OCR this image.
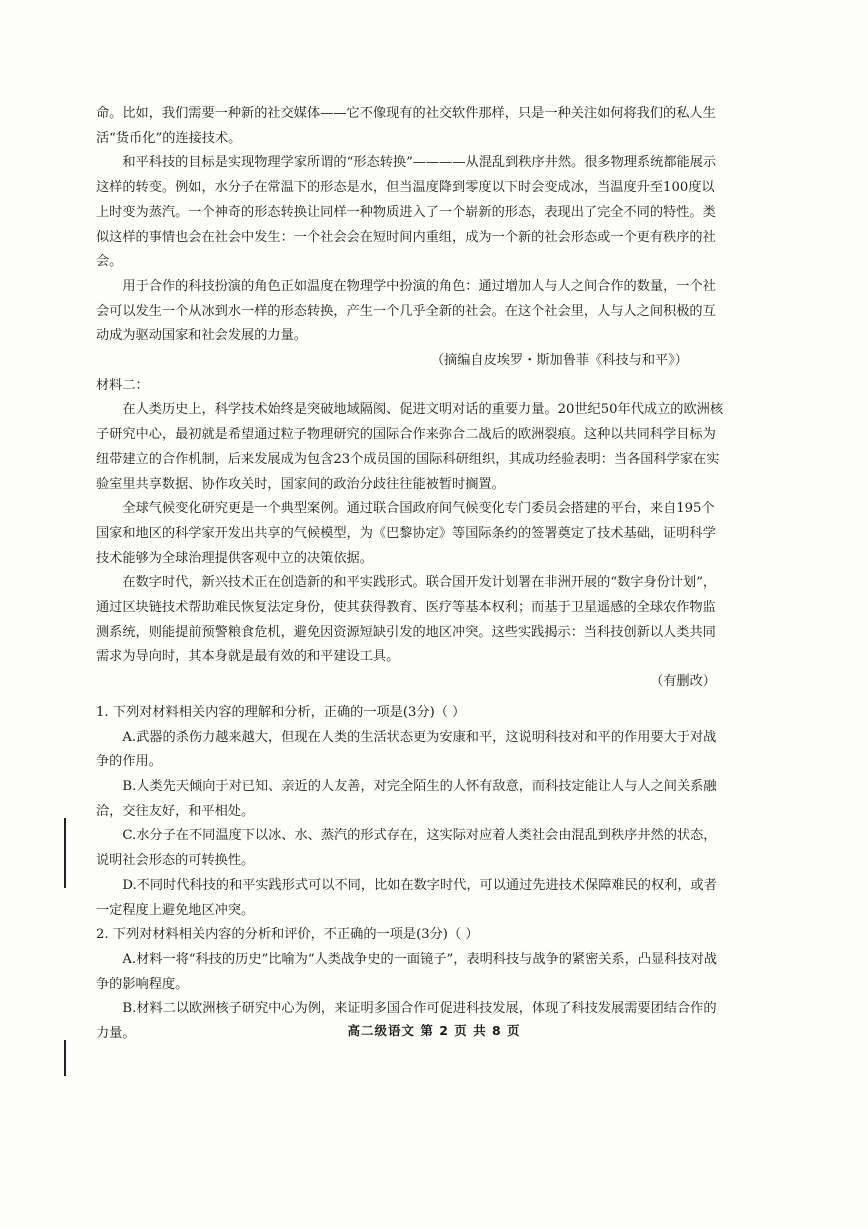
命。比如，我们需要一种新的社交媒体——它不像现有的社交软件那样，只是一种关注如何将我们的私人生活“货币化”的连接技术。

和平科技的目标是实现物理学家所谓的“形态转换”————从混乱到秩序井然。很多物理系统都能展示这样的转变。例如，水分子在常温下的形态是水，但当温度降到零度以下时会变成冰，当温度升至100度以上时变为蒸汽。一个神奇的形态转换让同样一种物质进入了一个崭新的形态，表现出了完全不同的特性。类似这样的事情也会在社会中发生：一个社会会在短时间内重组，成为一个新的社会形态或一个更有秩序的社会。

用于合作的科技扮演的角色正如温度在物理学中扮演的角色：通过增加人与人之间合作的数量，一个社会可以发生一个从冰到水一样的形态转换，产生一个几乎全新的社会。在这个社会里，人与人之间积极的互动成为驱动国家和社会发展的力量。

（摘编自皮埃罗・斯加鲁菲《科技与和平》）

材料二：

在人类历史上，科学技术始终是突破地域隔阂、促进文明对话的重要力量。20世纪50年代成立的欧洲核子研究中心，最初就是希望通过粒子物理研究的国际合作来弥合二战后的欧洲裂痕。这种以共同科学目标为纽带建立的合作机制，后来发展成为包含23个成员国的国际科研组织，其成功经验表明：当各国科学家在实验室里共享数据、协作攻关时，国家间的政治分歧往往能被暂时搁置。

全球气候变化研究更是一个典型案例。通过联合国政府间气候变化专门委员会搭建的平台，来自195个国家和地区的科学家开发出共享的气候模型，为《巴黎协定》等国际条约的签署奠定了技术基础，证明科学技术能够为全球治理提供客观中立的决策依据。

在数字时代，新兴技术正在创造新的和平实践形式。联合国开发计划署在非洲开展的“数字身份计划”，通过区块链技术帮助难民恢复法定身份，使其获得教育、医疗等基本权利；而基于卫星遥感的全球农作物监测系统，则能提前预警粮食危机，避免因资源短缺引发的地区冲突。这些实践揭示：当科技创新以人类共同需求为导向时，其本身就是最有效的和平建设工具。

（有删改）

1. 下列对材料相关内容的理解和分析，正确的一项是(3分)（ ）

A.武器的杀伤力越来越大，但现在人类的生活状态更为安康和平，这说明科技对和平的作用要大于对战争的作用。

B.人类先天倾向于对已知、亲近的人友善，对完全陌生的人怀有敌意，而科技定能让人与人之间关系融洽，交往友好，和平相处。

C.水分子在不同温度下以冰、水、蒸汽的形式存在，这实际对应着人类社会由混乱到秩序井然的状态，说明社会形态的可转换性。

D.不同时代科技的和平实践形式可以不同，比如在数字时代，可以通过先进技术保障难民的权利，或者一定程度上避免地区冲突。

2. 下列对材料相关内容的分析和评价，不正确的一项是(3分)（ ）

A.材料一将“科技的历史”比喻为“人类战争史的一面镜子”，表明科技与战争的紧密关系，凸显科技对战争的影响程度。

B.材料二以欧洲核子研究中心为例，来证明多国合作可促进科技发展，体现了科技发展需要团结合作的力量。	高二级语文 第 2 页 共 8 页
